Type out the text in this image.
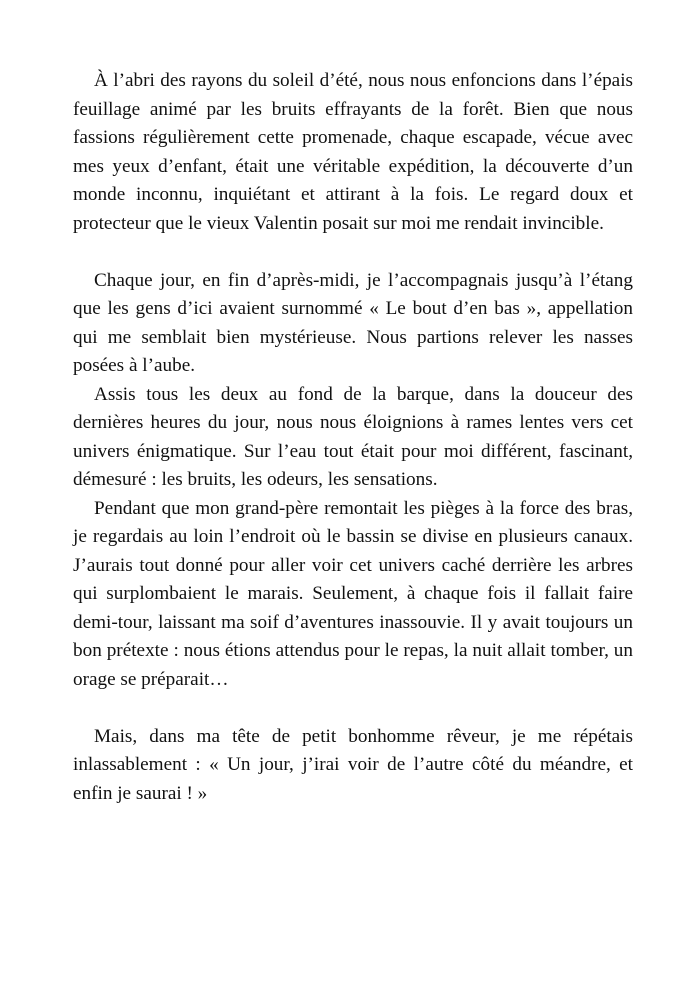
À l’abri des rayons du soleil d’été, nous nous enfoncions dans l’épais feuillage animé par les bruits effrayants de la forêt. Bien que nous fassions régulièrement cette promenade, chaque escapade, vécue avec mes yeux d’enfant, était une véritable expédition, la découverte d’un monde inconnu, inquiétant et attirant à la fois. Le regard doux et protecteur que le vieux Valentin posait sur moi me rendait invincible.

Chaque jour, en fin d’après-midi, je l’accompagnais jusqu’à l’étang que les gens d’ici avaient surnommé « Le bout d’en bas », appellation qui me semblait bien mystérieuse. Nous partions relever les nasses posées à l’aube.

Assis tous les deux au fond de la barque, dans la douceur des dernières heures du jour, nous nous éloignions à rames lentes vers cet univers énigmatique. Sur l’eau tout était pour moi différent, fascinant, démesuré : les bruits, les odeurs, les sensations.

Pendant que mon grand-père remontait les pièges à la force des bras, je regardais au loin l’endroit où le bassin se divise en plusieurs canaux. J’aurais tout donné pour aller voir cet univers caché derrière les arbres qui surplombaient le marais. Seulement, à chaque fois il fallait faire demi-tour, laissant ma soif d’aventures inassouvie. Il y avait toujours un bon prétexte : nous étions attendus pour le repas, la nuit allait tomber, un orage se préparait…

Mais, dans ma tête de petit bonhomme rêveur, je me répétais inlassablement : « Un jour, j’irai voir de l’autre côté du méandre, et enfin je saurai ! »
